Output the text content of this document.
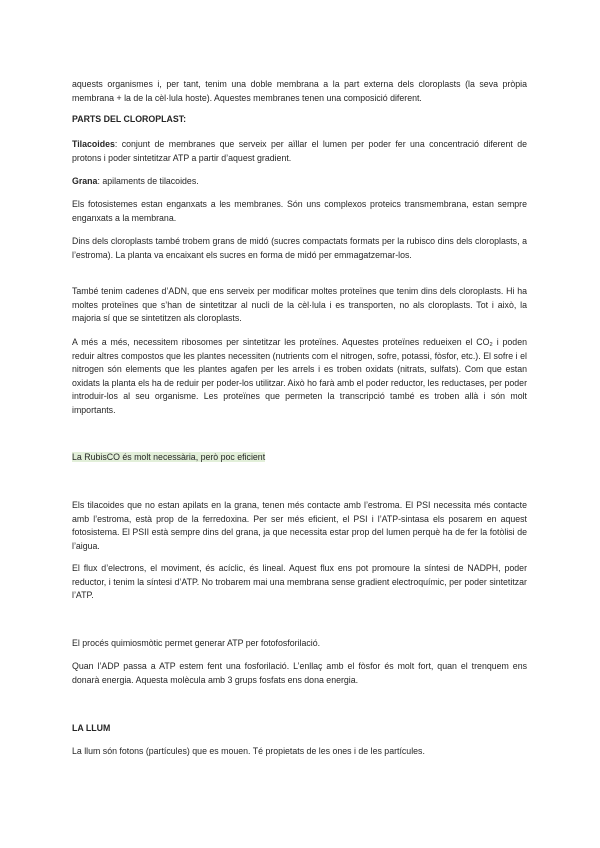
aquests organismes i, per tant, tenim una doble membrana a la part externa dels cloroplasts (la seva pròpia membrana + la de la cèl·lula hoste). Aquestes membranes tenen una composició diferent.

PARTS DEL CLOROPLAST:

Tilacoides: conjunt de membranes que serveix per aïllar el lumen per poder fer una concentració diferent de protons i poder sintetitzar ATP a partir d’aquest gradient.

Grana: apilaments de tilacoides.

Els fotosistemes estan enganxats a les membranes. Són uns complexos proteics transmembrana, estan sempre enganxats a la membrana.

Dins dels cloroplasts també trobem grans de midó (sucres compactats formats per la rubisco dins dels cloroplasts, a l’estroma). La planta va encaixant els sucres en forma de midó per emmagatzemar-los.

També tenim cadenes d’ADN, que ens serveix per modificar moltes proteïnes que tenim dins dels cloroplasts. Hi ha moltes proteïnes que s’han de sintetitzar al nucli de la cèl·lula i es transporten, no als cloroplasts. Tot i això, la majoria sí que se sintetitzen als cloroplasts.

A més a més, necessitem ribosomes per sintetitzar les proteïnes. Aquestes proteïnes redueixen el CO₂ i poden reduir altres compostos que les plantes necessiten (nutrients com el nitrogen, sofre, potassi, fòsfor, etc.). El sofre i el nitrogen són elements que les plantes agafen per les arrels i es troben oxidats (nitrats, sulfats). Com que estan oxidats la planta els ha de reduir per poder-los utilitzar. Això ho farà amb el poder reductor, les reductases, per poder introduir-los al seu organisme. Les proteïnes que permeten la transcripció també es troben allà i són molt importants.

La RubisCO és molt necessària, però poc eficient

Els tilacoides que no estan apilats en la grana, tenen més contacte amb l’estroma. El PSI necessita més contacte amb l’estroma, està prop de la ferredoxina. Per ser més eficient, el PSI i l’ATP-sintasa els posarem en aquest fotosistema. El PSII està sempre dins del grana, ja que necessita estar prop del lumen perquè ha de fer la fotòlisi de l’aigua.

El flux d’electrons, el moviment, és acíclic, és lineal. Aquest flux ens pot promoure la síntesi de NADPH, poder reductor, i tenim la síntesi d’ATP. No trobarem mai una membrana sense gradient electroquímic, per poder sintetitzar l’ATP.

El procés quimiosmòtic permet generar ATP per fotofosforilació.

Quan l’ADP passa a ATP estem fent una fosforilació. L’enllaç amb el fòsfor és molt fort, quan el trenquem ens donarà energia. Aquesta molècula amb 3 grups fosfats ens dona energia.

LA LLUM

La llum són fotons (partícules) que es mouen. Té propietats de les ones i de les partícules.
